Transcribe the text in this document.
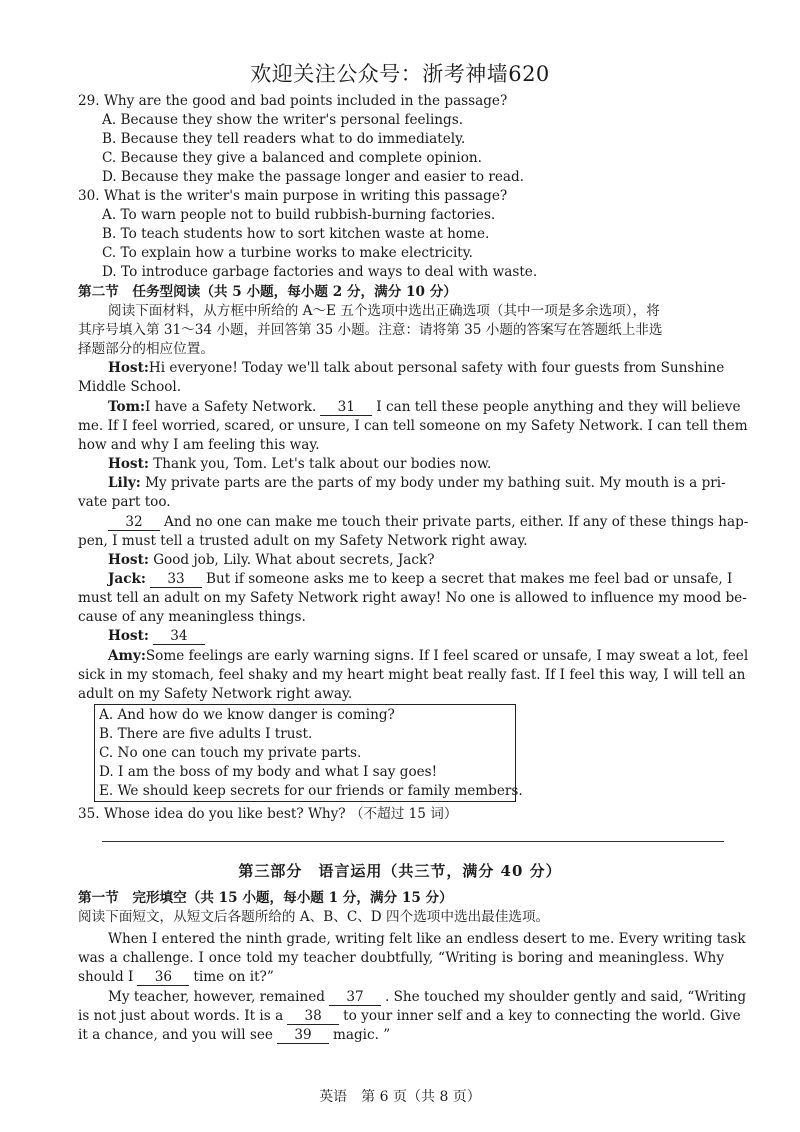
欢迎关注公众号：浙考神墙620
29. Why are the good and bad points included in the passage?
A. Because they show the writer's personal feelings.
B. Because they tell readers what to do immediately.
C. Because they give a balanced and complete opinion.
D. Because they make the passage longer and easier to read.
30. What is the writer's main purpose in writing this passage?
A. To warn people not to build rubbish-burning factories.
B. To teach students how to sort kitchen waste at home.
C. To explain how a turbine works to make electricity.
D. To introduce garbage factories and ways to deal with waste.
第二节　任务型阅读（共 5 小题，每小题 2 分，满分 10 分）
阅读下面材料，从方框中所给的 A～E 五个选项中选出正确选项（其中一项是多余选项），将
其序号填入第 31～34 小题，并回答第 35 小题。注意：请将第 35 小题的答案写在答题纸上非选
择题部分的相应位置。
Host:Hi everyone! Today we'll talk about personal safety with four guests from Sunshine
Middle School.
Tom:I have a Safety Network. 31 I can tell these people anything and they will believe
me. If I feel worried, scared, or unsure, I can tell someone on my Safety Network. I can tell them
how and why I am feeling this way.
Host: Thank you, Tom. Let's talk about our bodies now.
Lily: My private parts are the parts of my body under my bathing suit. My mouth is a pri-
vate part too.
32 And no one can make me touch their private parts, either. If any of these things hap-
pen, I must tell a trusted adult on my Safety Network right away.
Host: Good job, Lily. What about secrets, Jack?
Jack: 33 But if someone asks me to keep a secret that makes me feel bad or unsafe, I
must tell an adult on my Safety Network right away! No one is allowed to influence my mood be-
cause of any meaningless things.
Host: 34
Amy:Some feelings are early warning signs. If I feel scared or unsafe, I may sweat a lot, feel
sick in my stomach, feel shaky and my heart might beat really fast. If I feel this way, I will tell an
adult on my Safety Network right away.
A. And how do we know danger is coming?
B. There are five adults I trust.
C. No one can touch my private parts.
D. I am the boss of my body and what I say goes!
E. We should keep secrets for our friends or family members.
35. Whose idea do you like best? Why? （不超过 15 词）
第三部分　语言运用（共三节，满分 40 分）
第一节　完形填空（共 15 小题，每小题 1 分，满分 15 分）
阅读下面短文，从短文后各题所给的 A、B、C、D 四个选项中选出最佳选项。
When I entered the ninth grade, writing felt like an endless desert to me. Every writing task
was a challenge. I once told my teacher doubtfully, “Writing is boring and meaningless. Why
should I 36 time on it?”
My teacher, however, remained 37 . She touched my shoulder gently and said, “Writing
is not just about words. It is a 38 to your inner self and a key to connecting the world. Give
it a chance, and you will see 39 magic. ”
英语　第 6 页（共 8 页）
